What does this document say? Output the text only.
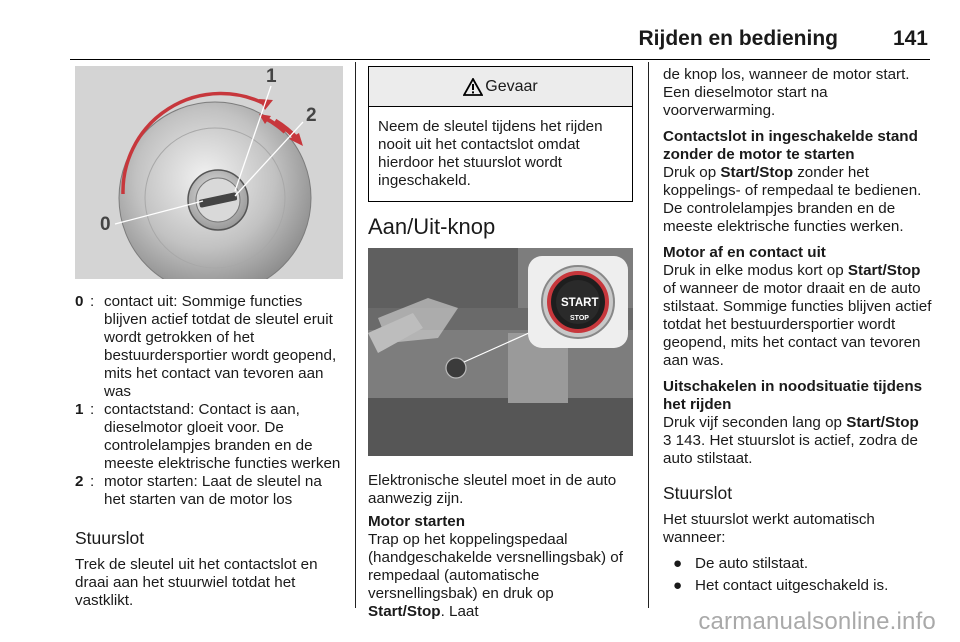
Rijden en bediening	141
0
1
2
0 : contact uit: Sommige functies blijven actief totdat de sleutel eruit wordt getrokken of het bestuurdersportier wordt geopend, mits het contact van tevoren aan was
1 : contactstand: Contact is aan, dieselmotor gloeit voor. De controlelampjes branden en de meeste elektrische functies werken
2 : motor starten: Laat de sleutel na het starten van de motor los
Stuurslot

Trek de sleutel uit het contactslot en draai aan het stuurwiel totdat het vastklikt.

Gevaar
Neem de sleutel tijdens het rijden nooit uit het contactslot omdat hierdoor het stuurslot wordt ingeschakeld.
Aan/Uit-knop
START
STOP

Elektronische sleutel moet in de auto aanwezig zijn.

Motor starten

Trap op het koppelingspedaal (handgeschakelde versnellingsbak) of rempedaal (automatische versnellingsbak) en druk op Start/Stop. Laat

de knop los, wanneer de motor start. Een dieselmotor start na voorverwarming.

Contactslot in ingeschakelde stand zonder de motor te starten

Druk op Start/Stop zonder het koppelings- of rempedaal te bedienen. De controlelampjes branden en de meeste elektrische functies werken.

Motor af en contact uit

Druk in elke modus kort op Start/Stop of wanneer de motor draait en de auto stilstaat. Sommige functies blijven actief totdat het bestuurdersportier wordt geopend, mits het contact van tevoren aan was.

Uitschakelen in noodsituatie tijdens het rijden

Druk vijf seconden lang op Start/Stop
3 143. Het stuurslot is actief, zodra de auto stilstaat.

Stuurslot

Het stuurslot werkt automatisch wanneer:

● De auto stilstaat.
● Het contact uitgeschakeld is.
carmanualsonline.info
